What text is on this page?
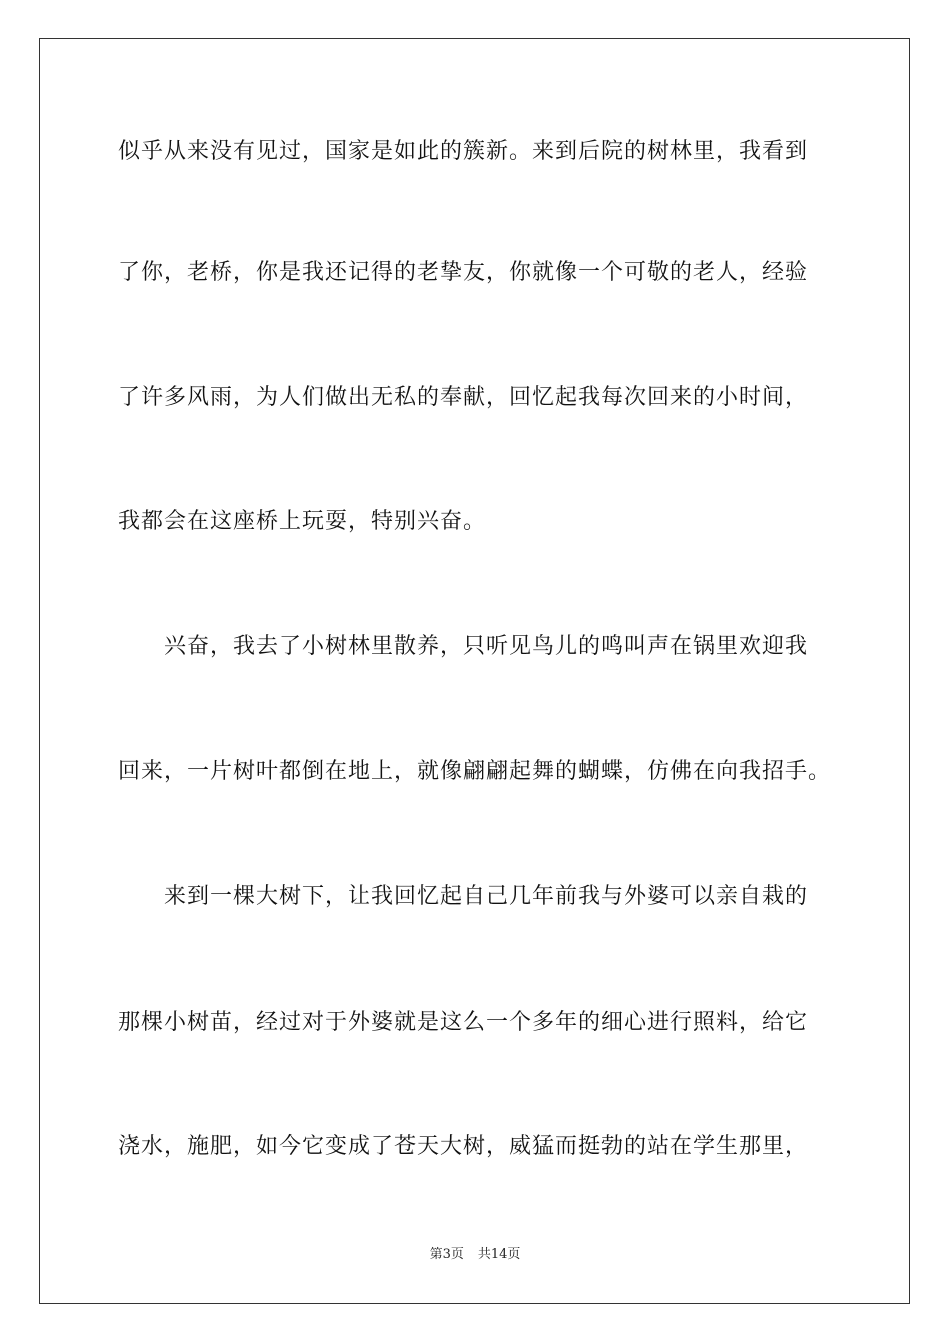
似乎从来没有见过，国家是如此的簇新。来到后院的树林里，我看到
了你，老桥，你是我还记得的老挚友，你就像一个可敬的老人，经验
了许多风雨，为人们做出无私的奉献，回忆起我每次回来的小时间，
我都会在这座桥上玩耍，特别兴奋。
兴奋，我去了小树林里散养，只听见鸟儿的鸣叫声在锅里欢迎我
回来，一片树叶都倒在地上，就像翩翩起舞的蝴蝶，仿佛在向我招手。
来到一棵大树下，让我回忆起自己几年前我与外婆可以亲自栽的
那棵小树苗，经过对于外婆就是这么一个多年的细心进行照料，给它
浇水，施肥，如今它变成了苍天大树，威猛而挺勃的站在学生那里，
第3页 共14页
